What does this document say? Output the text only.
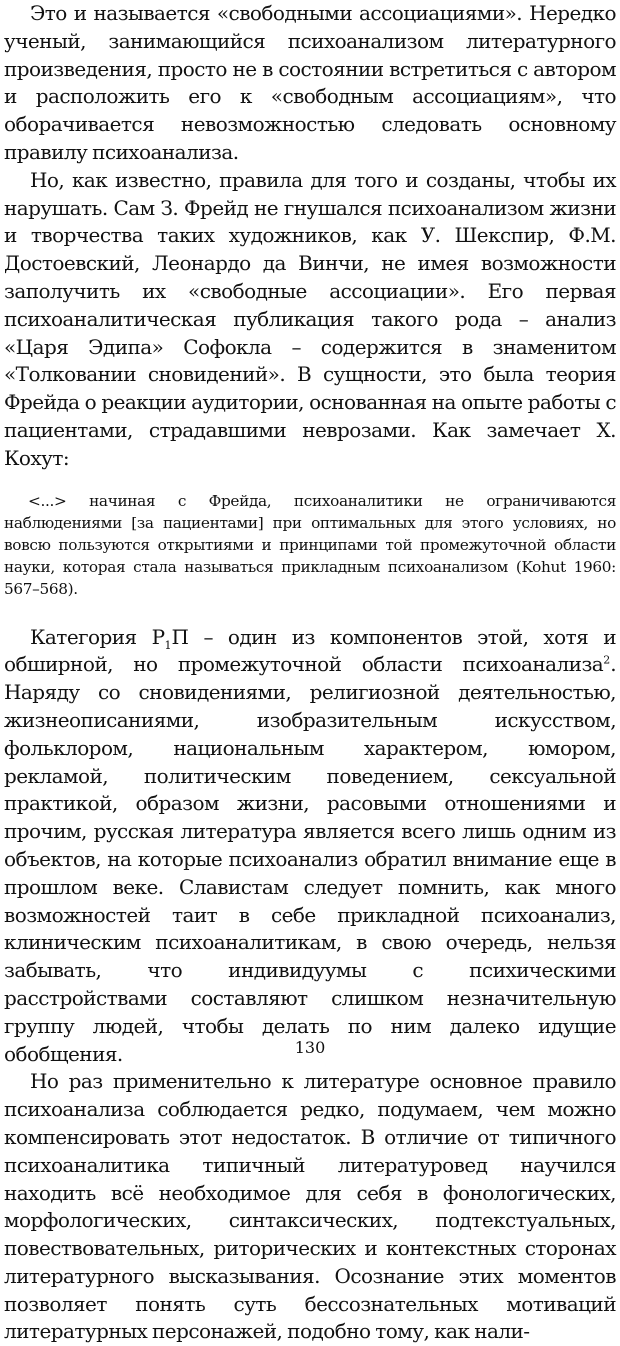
Это и называется «свободными ассоциациями». Нередко ученый, занимающийся психоанализом литературного произведения, просто не в состоянии встретиться с автором и расположить его к «свободным ассоциациям», что оборачивается невозможностью следовать основному правилу психоанализа.

Но, как известно, правила для того и созданы, чтобы их нарушать. Сам З. Фрейд не гнушался психоанализом жизни и творчества таких художников, как У. Шекспир, Ф.М. Достоевский, Леонардо да Винчи, не имея возможности заполучить их «свободные ассоциации». Его первая психоаналитическая публикация такого рода – анализ «Царя Эдипа» Софокла – содержится в знаменитом «Толковании сновидений». В сущности, это была теория Фрейда о реакции аудитории, основанная на опыте работы с пациентами, страдавшими неврозами. Как замечает Х. Кохут:

<...> начиная с Фрейда, психоаналитики не ограничиваются наблюдениями [за пациентами] при оптимальных для этого условиях, но вовсю пользуются открытиями и принципами той промежуточной области науки, которая стала называться прикладным психоанализом (Kohut 1960: 567–568).

Категория $Р_1П$ – один из компонентов этой, хотя и обширной, но промежуточной области психоанализа$^2$. Наряду со сновидениями, религиозной деятельностью, жизнеописаниями, изобразительным искусством, фольклором, национальным характером, юмором, рекламой, политическим поведением, сексуальной практикой, образом жизни, расовыми отношениями и прочим, русская литература является всего лишь одним из объектов, на которые психоанализ обратил внимание еще в прошлом веке. Славистам следует помнить, как много возможностей таит в себе прикладной психоанализ, клиническим психоаналитикам, в свою очередь, нельзя забывать, что индивидуумы с психическими расстройствами составляют слишком незначительную группу людей, чтобы делать по ним далеко идущие обобщения.

Но раз применительно к литературе основное правило психоанализа соблюдается редко, подумаем, чем можно компенсировать этот недостаток. В отличие от типичного психоаналитика типичный литературовед научился находить всё необходимое для себя в фонологических, морфологических, синтаксических, подтекстуальных, повествовательных, риторических и контекстных сторонах литературного высказывания. Осознание этих моментов позволяет понять суть бессознательных мотиваций литературных персонажей, подобно тому, как нали-

130
